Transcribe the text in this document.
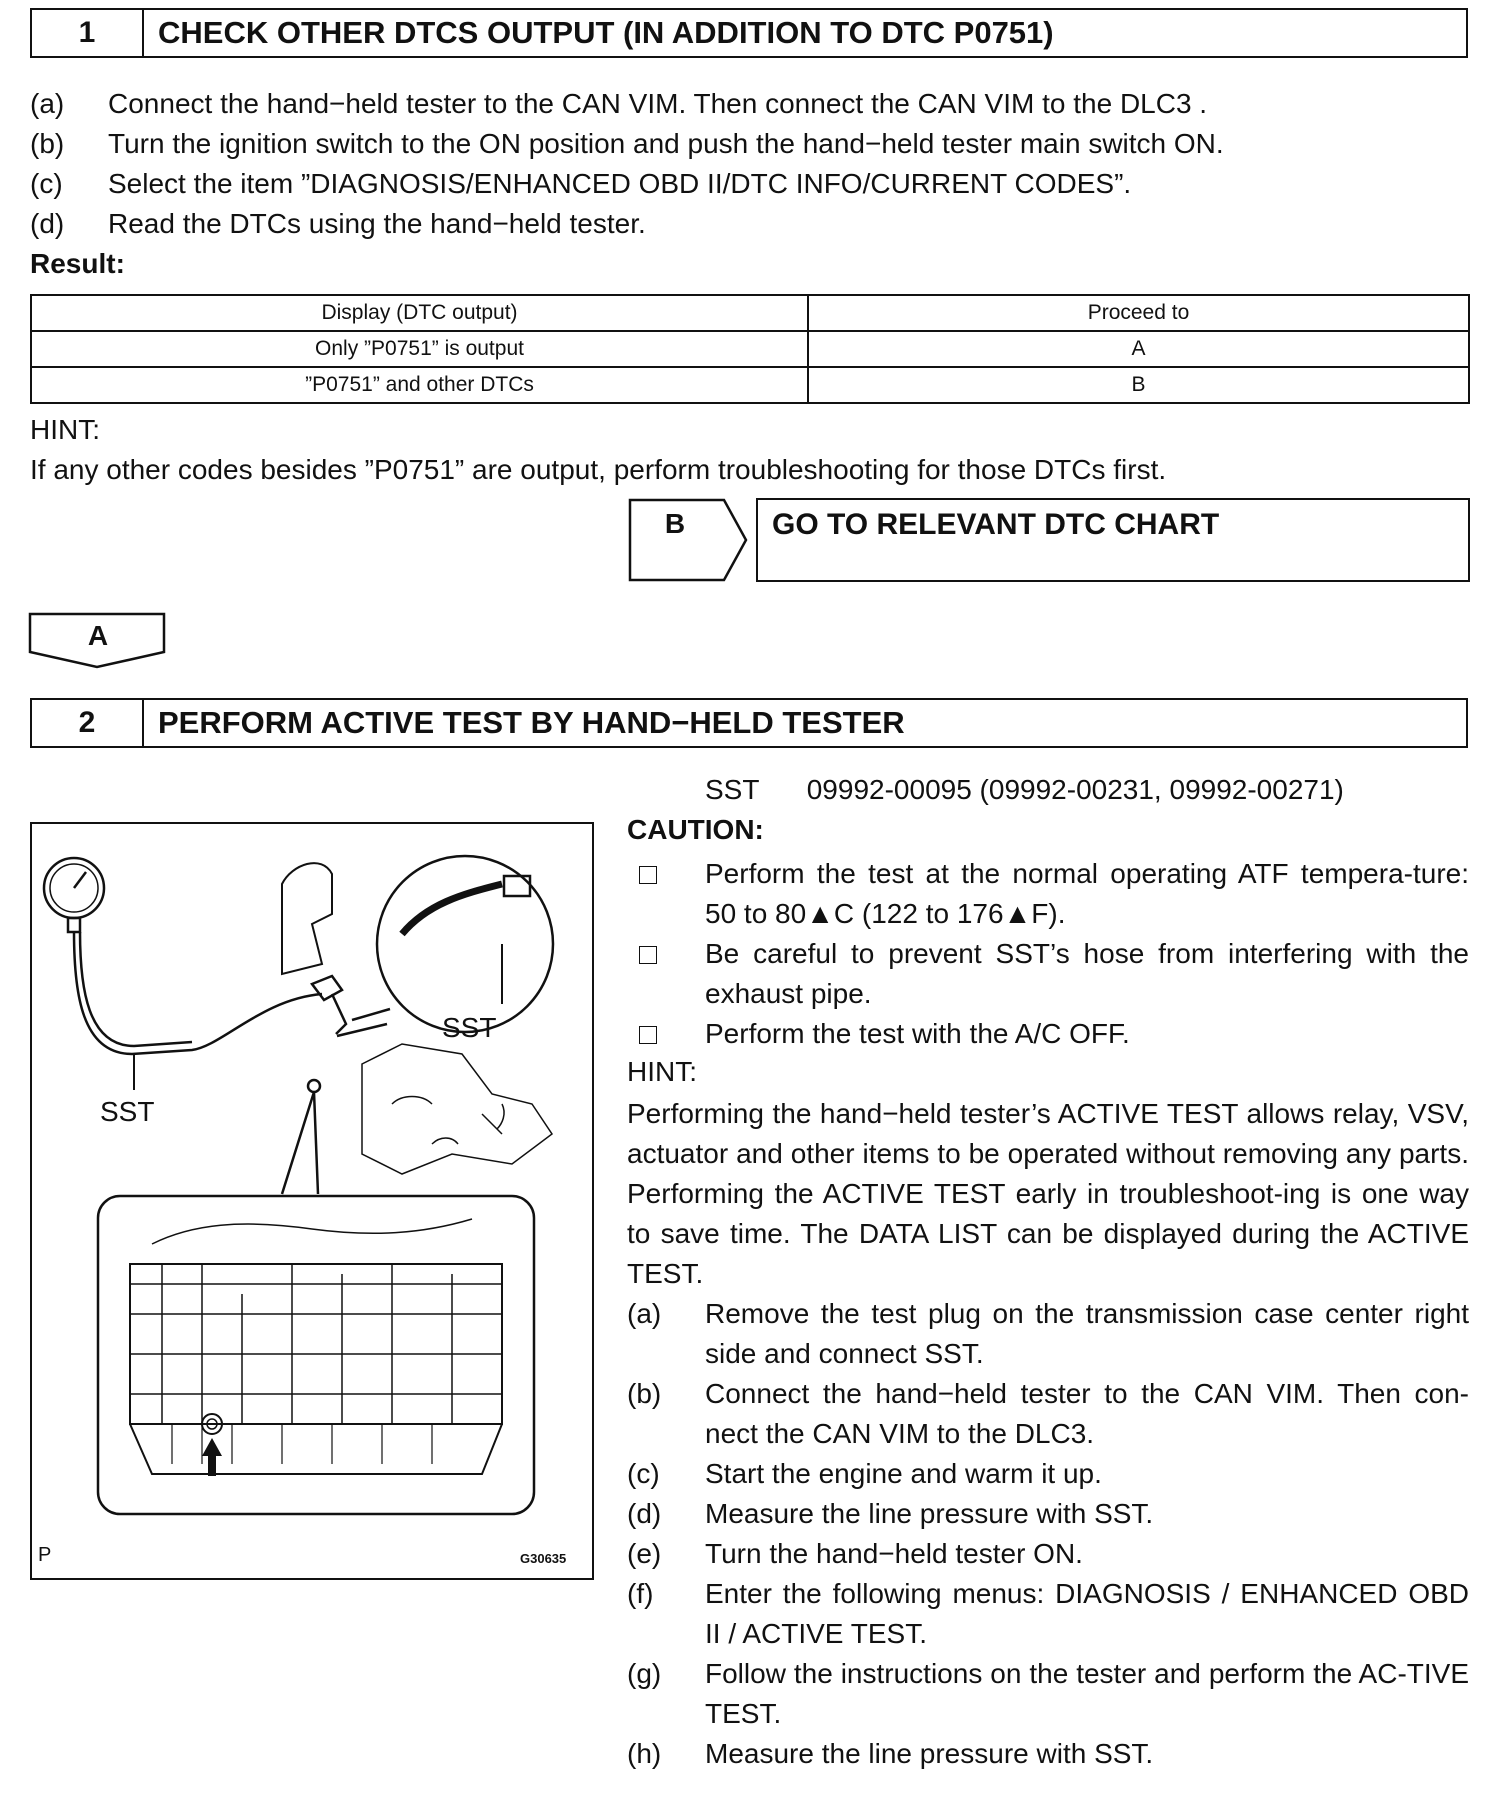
1	CHECK OTHER DTCS OUTPUT (IN ADDITION TO DTC P0751)
(a) Connect the hand−held tester to the CAN VIM. Then connect the CAN VIM to the DLC3 .
(b) Turn the ignition switch to the ON position and push the hand−held tester main switch ON.
(c) Select the item ”DIAGNOSIS/ENHANCED OBD II/DTC INFO/CURRENT CODES”.
(d) Read the DTCs using the hand−held tester.
Result:
Display (DTC output)	Proceed to
Only ”P0751” is output	A
”P0751” and other DTCs	B
HINT:
If any other codes besides ”P0751” are output, perform troubleshooting for those DTCs first.
B	GO TO RELEVANT DTC CHART
A
2	PERFORM ACTIVE TEST BY HAND−HELD TESTER
SST
SST
P	G30635
SST 09992-00095 (09992-00231, 09992-00271)
CAUTION:
Perform the test at the normal operating ATF tempera-ture: 50 to 80▲C (122 to 176▲F).
Be careful to prevent SST’s hose from interfering with the exhaust pipe.
Perform the test with the A/C OFF.
HINT:
Performing the hand−held tester’s ACTIVE TEST allows relay, VSV, actuator and other items to be operated without removing any parts. Performing the ACTIVE TEST early in troubleshoot-ing is one way to save time. The DATA LIST can be displayed during the ACTIVE TEST.
(a) Remove the test plug on the transmission case center right side and connect SST.
(b) Connect the hand−held tester to the CAN VIM. Then con-nect the CAN VIM to the DLC3.
(c) Start the engine and warm it up.
(d) Measure the line pressure with SST.
(e) Turn the hand−held tester ON.
(f) Enter the following menus: DIAGNOSIS / ENHANCED OBD II / ACTIVE TEST.
(g) Follow the instructions on the tester and perform the AC-TIVE TEST.
(h) Measure the line pressure with SST.
